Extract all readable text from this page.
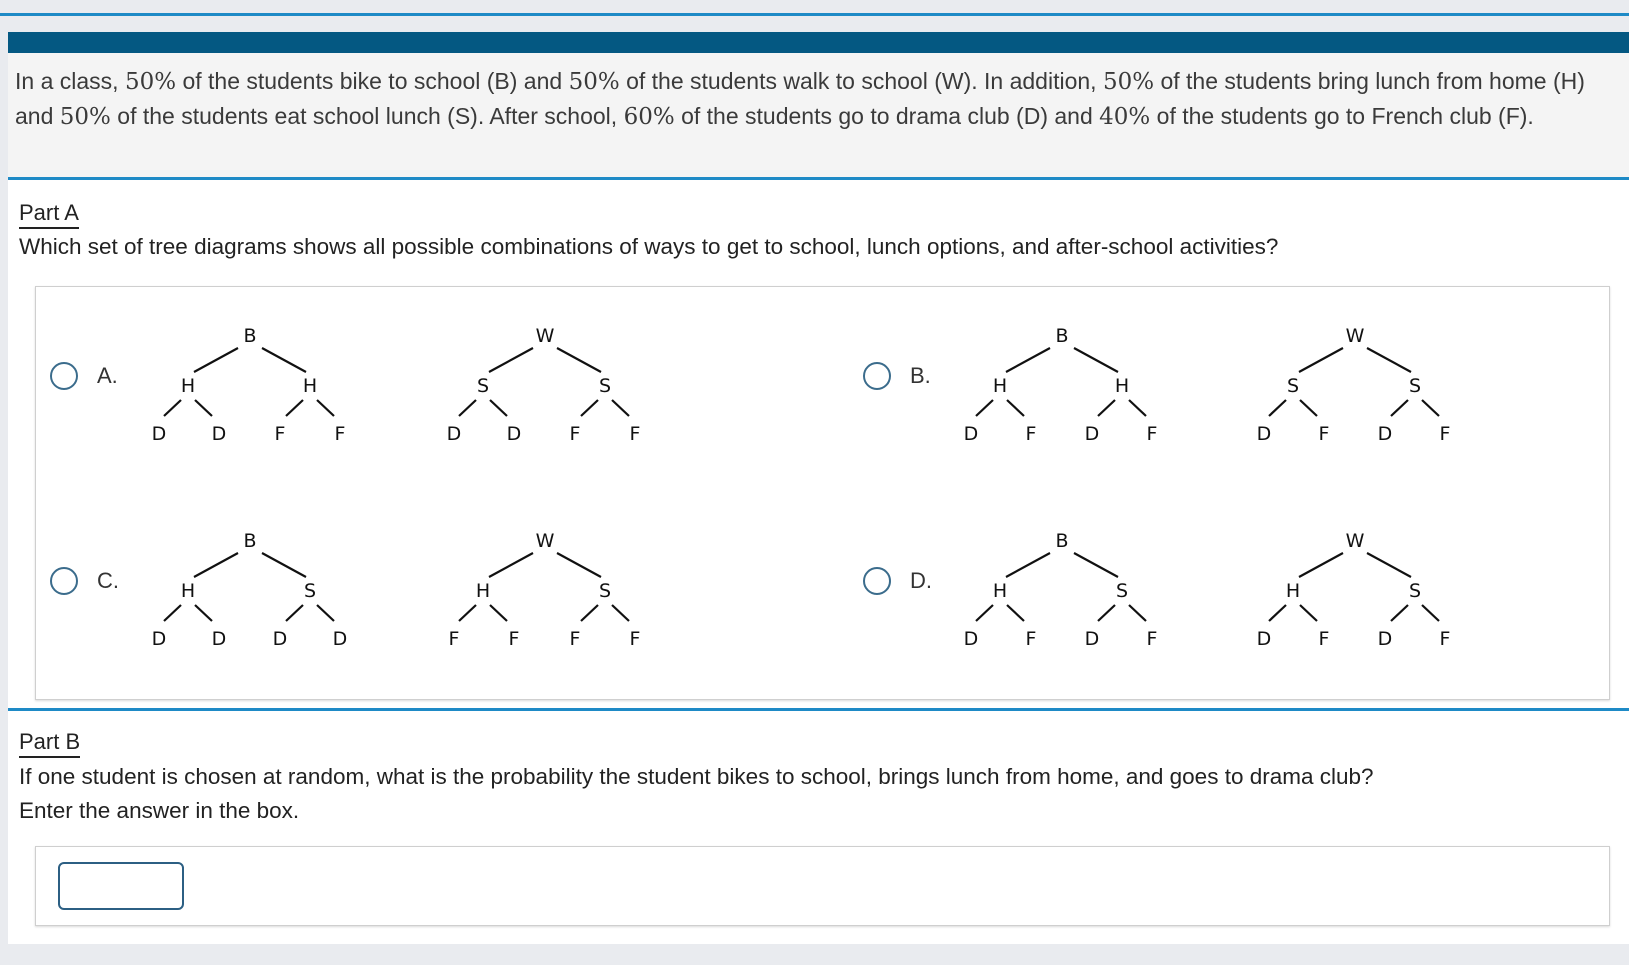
In a class, 50% of the students bike to school (B) and 50% of the students walk to school (W). In addition, 50% of the students bring lunch from home (H) and 50% of the students eat school lunch (S). After school, 60% of the students go to drama club (D) and 40% of the students go to French club (F).
Part A
Which set of tree diagrams shows all possible combinations of ways to get to school, lunch options, and after-school activities?
Part B
If one student is chosen at random, what is the probability the student bikes to school, brings lunch from home, and goes to drama club?
Enter the answer in the box.
A.
B
H	H
D D	F	F
W
S	S
D D	F	F
B.
B
H	H
D F	D F
W
S	S
D F	D F
C.
B
H	S
D D D D
W
H	S
F	F	F	F
D.
B
H	S
D F	D F
W
H	S
D F	D F
